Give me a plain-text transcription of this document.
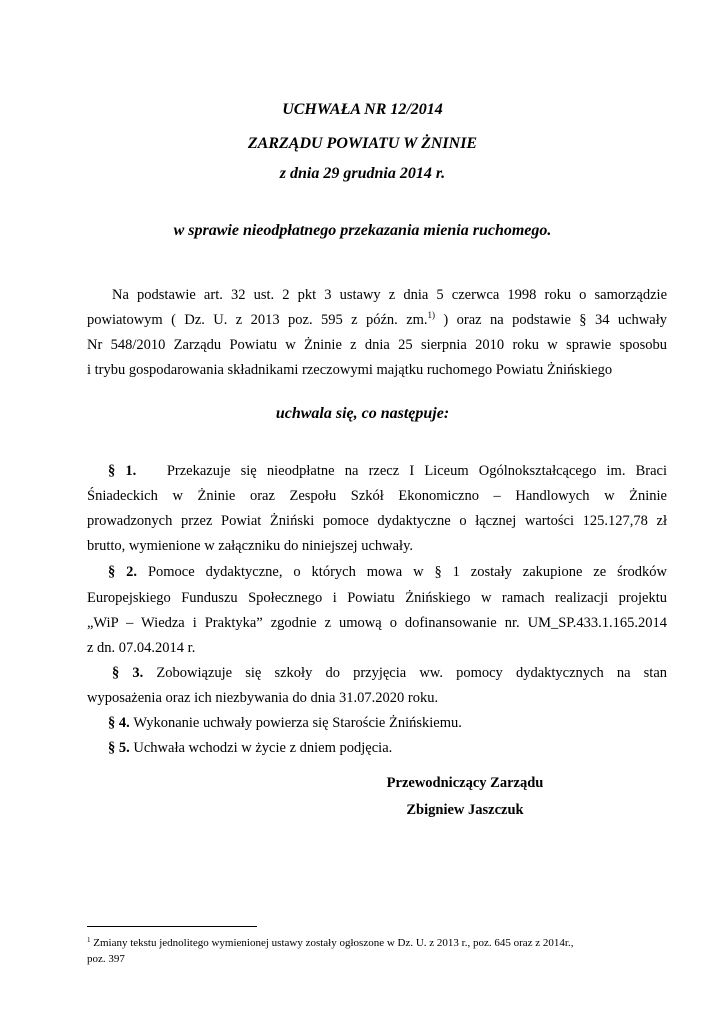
UCHWAŁA NR 12/2014
ZARZĄDU POWIATU W ŻNINIE
z dnia 29 grudnia 2014 r.
w sprawie nieodpłatnego przekazania mienia ruchomego.
Na podstawie art. 32 ust. 2 pkt 3 ustawy z dnia 5 czerwca 1998 roku o samorządzie
powiatowym ( Dz. U. z 2013 poz. 595 z późn. zm.$^{1)}$ ) oraz na podstawie § 34 uchwały
Nr 548/2010 Zarządu Powiatu w Żninie z dnia 25 sierpnia 2010 roku w sprawie sposobu
i trybu gospodarowania składnikami rzeczowymi majątku ruchomego Powiatu Żnińskiego
uchwala się, co następuje:
§ 1. Przekazuje się nieodpłatne na rzecz I Liceum Ogólnokształcącego im. Braci
Śniadeckich w Żninie oraz Zespołu Szkół Ekonomiczno – Handlowych w Żninie
prowadzonych przez Powiat Żniński pomoce dydaktyczne o łącznej wartości 125.127,78 zł
brutto, wymienione w załączniku do niniejszej uchwały.
§ 2. Pomoce dydaktyczne, o których mowa w § 1 zostały zakupione ze środków
Europejskiego Funduszu Społecznego i Powiatu Żnińskiego w ramach realizacji projektu
„WiP – Wiedza i Praktyka” zgodnie z umową o dofinansowanie nr. UM_SP.433.1.165.2014
z dn. 07.04.2014 r.
§ 3. Zobowiązuje się szkoły do przyjęcia ww. pomocy dydaktycznych na stan
wyposażenia oraz ich niezbywania do dnia 31.07.2020 roku.
§ 4. Wykonanie uchwały powierza się Staroście Żnińskiemu.
§ 5. Uchwała wchodzi w życie z dniem podjęcia.
Przewodniczący Zarządu
Zbigniew Jaszczuk
$^1$ Zmiany tekstu jednolitego wymienionej ustawy zostały ogłoszone w Dz. U. z 2013 r., poz. 645 oraz z 2014r.,
poz. 397
